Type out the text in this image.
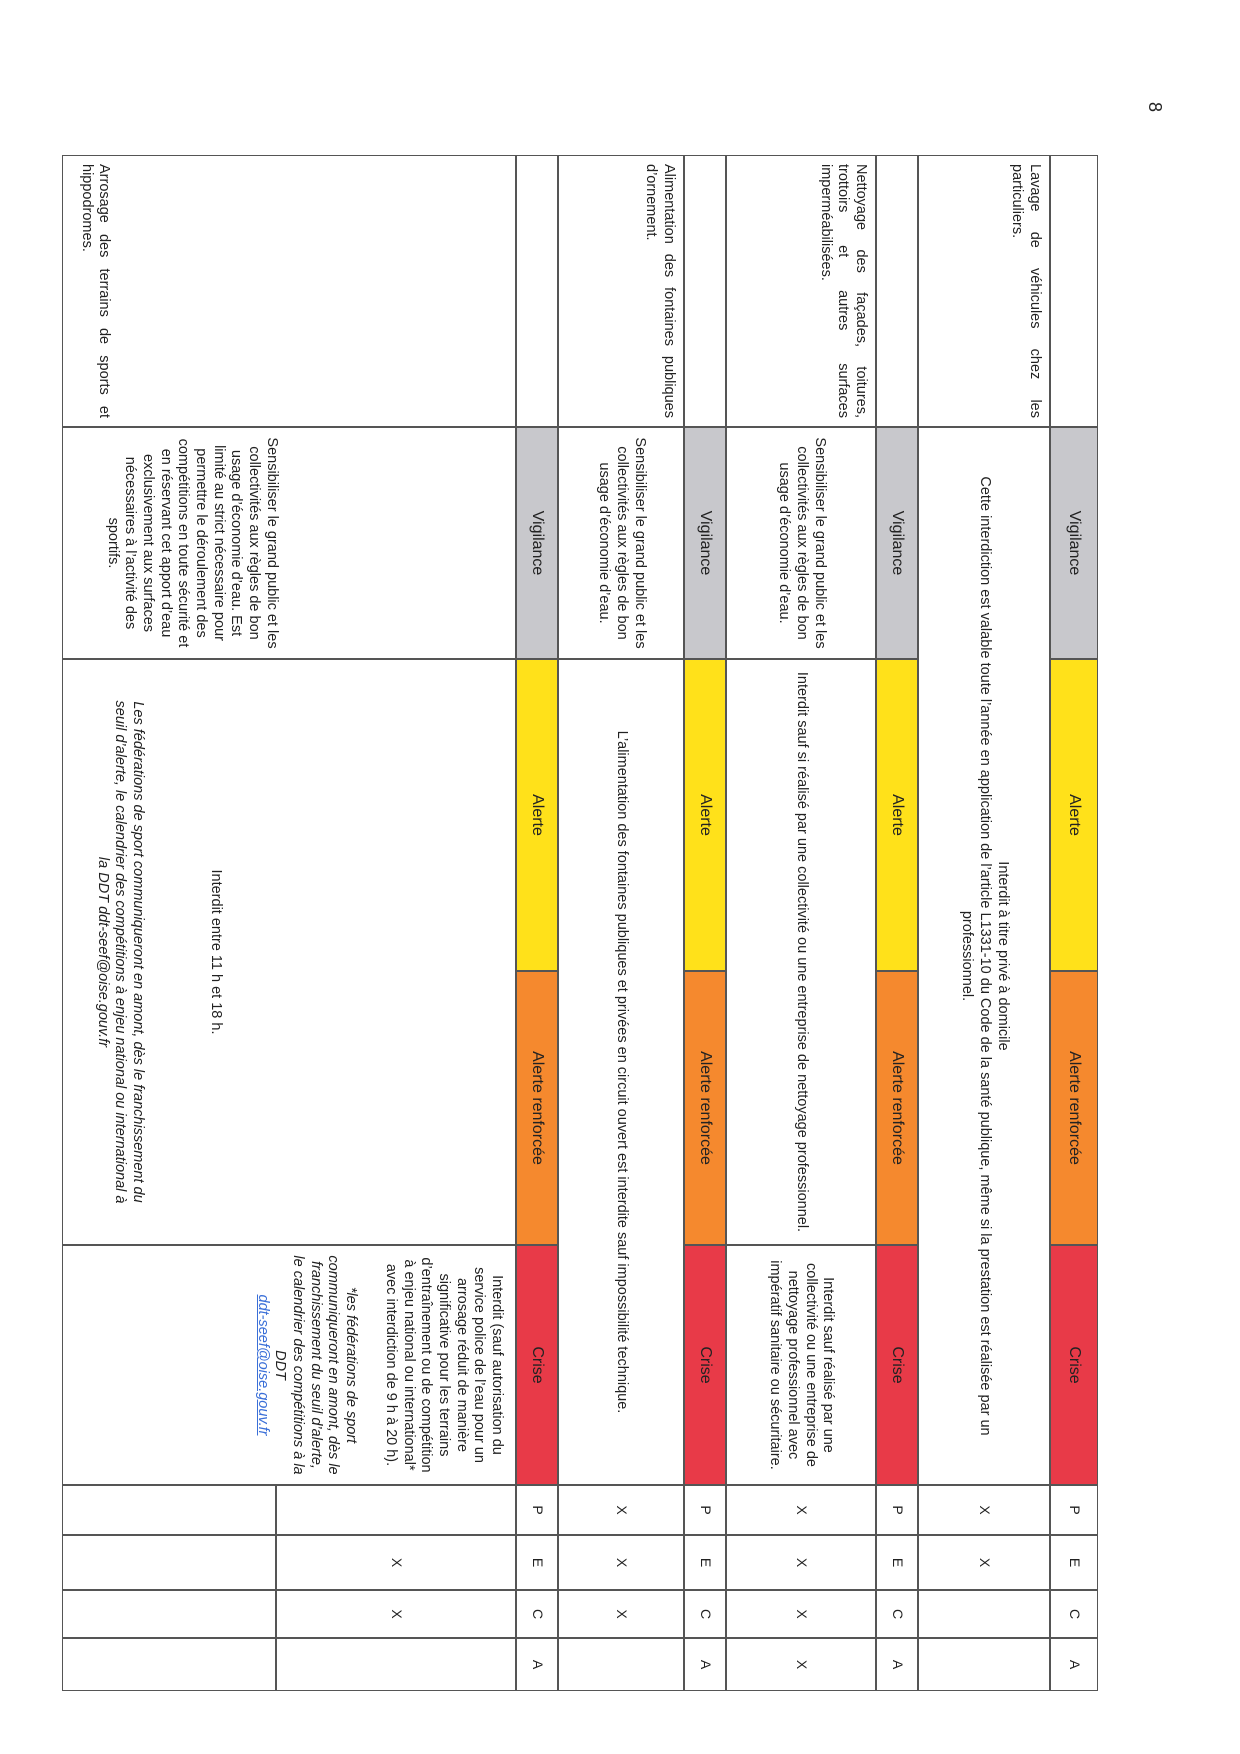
8
Vigilance
Alerte
Alerte renforcée
Crise
P
E
C
A
Lavage de véhicules chez les particuliers.
Interdit à titre privé à domicile
Cette interdiction est valable toute l’année en application de l’article L1331-10 du Code de la santé publique, même si la prestation est réalisée par un professionnel.
X
X
Vigilance
Alerte
Alerte renforcée
Crise
P
E
C
A
Nettoyage des façades, toitures, trottoirs et autres surfaces imperméabilisées.
Sensibiliser le grand public et les collectivités aux règles de bon usage d’économie d’eau.
Interdit sauf si réalisé par une collectivité ou une entreprise de nettoyage professionnel.
Interdit sauf réalisé par une collectivité ou une entreprise de nettoyage professionnel avec impératif sanitaire ou sécuritaire.
X
X
X
X
Vigilance
Alerte
Alerte renforcée
Crise
P
E
C
A
Alimentation des fontaines publiques d’ornement.
Sensibiliser le grand public et les collectivités aux règles de bon usage d’économie d’eau.
L’alimentation des fontaines publiques et privées en circuit ouvert est interdite sauf impossibilité technique.
X
X
X
Vigilance
Alerte
Alerte renforcée
Crise
P
E
C
A
Arrosage des terrains de sports et hippodromes.
Sensibiliser le grand public et les collectivités aux règles de bon usage d’économie d’eau. Est limité au strict nécessaire pour permettre le déroulement des compétitions en toute sécurité et en réservant cet apport d’eau exclusivement aux surfaces nécessaires à l’activité des sportifs.
Interdit entre 11 h et 18 h.
Les fédérations de sport communiqueront en amont, dès le franchissement du seuil d’alerte, le calendrier des compétitions à enjeu national ou international à la DDT ddt-seef@oise.gouv.fr
Interdit (sauf autorisation du service police de l’eau pour un arrosage réduit de manière significative pour les terrains d’entraînement ou de compétition à enjeu national ou international* avec interdiction de 9 h à 20 h).
*les fédérations de sport communiqueront en amont, dès le franchissement du seuil d’alerte, le calendrier des compétitions à la DDT
ddt-seef@oise.gouv.fr
X
X
